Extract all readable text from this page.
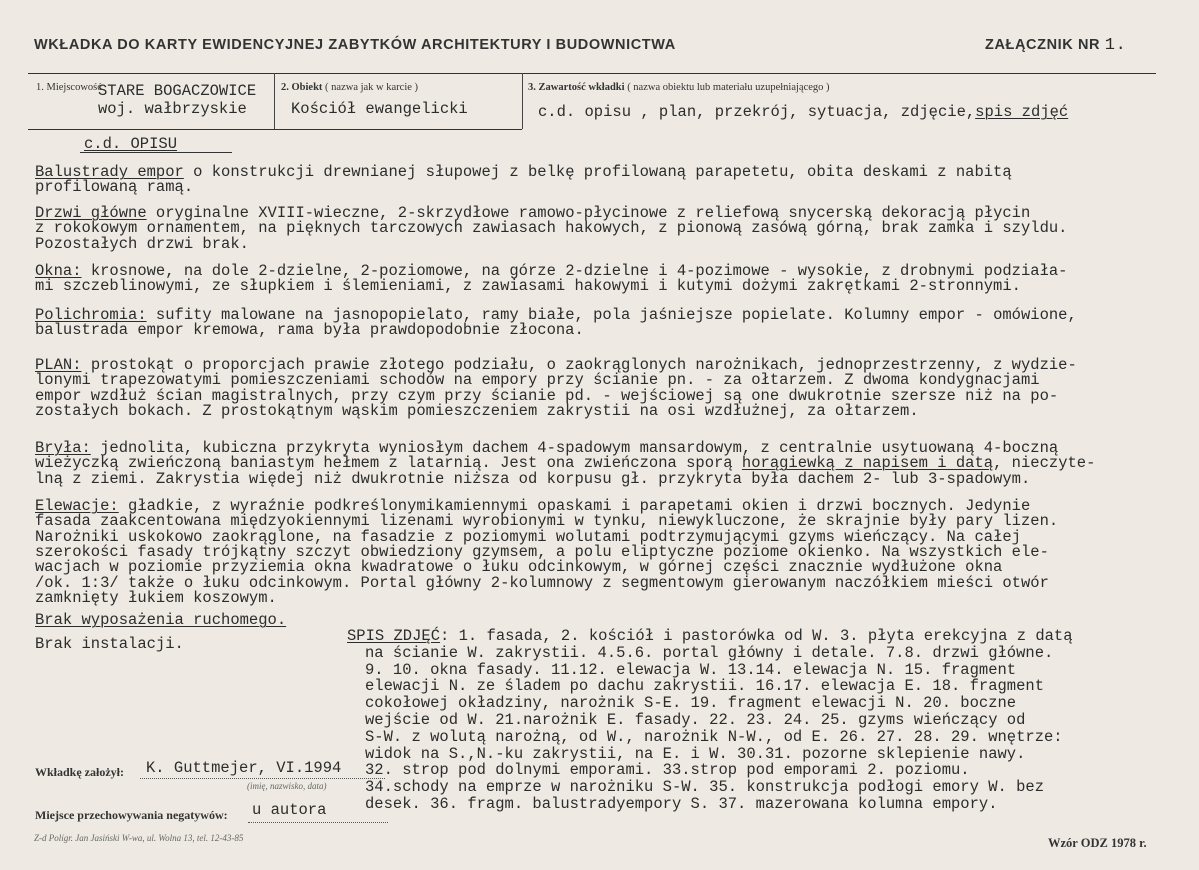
WKŁADKA DO KARTY EWIDENCYJNEJ ZABYTKÓW ARCHITEKTURY I BUDOWNICTWA	ZAŁĄCZNIK NR 1.
1. Miejscowość
STARE BOGACZOWICE
woj. wałbrzyskie
2. Obiekt ( nazwa jak w karcie )
Kościół ewangelicki
3. Zawartość wkładki ( nazwa obiektu lub materiału uzupełniającego )
c.d. opisu , plan, przekrój, sytuacja, zdjęcie,spis zdjęć
c.d. OPISU
Balustrady empor o konstrukcji drewnianej słupowej z belkę profilowaną parapetetu, obita deskami z nabitą
profilowaną ramą.
Drzwi główne oryginalne XVIII-wieczne, 2-skrzydłowe ramowo-płycinowe z reliefową snycerską dekoracją płycin
z rokokowym ornamentem, na pięknych tarczowych zawiasach hakowych, z pionową zasówą górną, brak zamka i szyldu.
Pozostałych drzwi brak.
Okna: krosnowe, na dole 2-dzielne, 2-poziomowe, na górze 2-dzielne i 4-pozimowe - wysokie, z drobnymi podziała-
mi szczeblinowymi, ze słupkiem i ślemieniami, z zawiasami hakowymi i kutymi dożymi zakrętkami 2-stronnymi.
Polichromia: sufity malowane na jasnopopielato, ramy białe, pola jaśniejsze popielate. Kolumny empor - omówione,
balustrada empor kremowa, rama była prawdopodobnie złocona.
PLAN: prostokąt o proporcjach prawie złotego podziału, o zaokrąglonych narożnikach, jednoprzestrzenny, z wydzie-
lonymi trapezowatymi pomieszczeniami schodów na empory przy ścianie pn. - za ołtarzem. Z dwoma kondygnacjami
empor wzdłuż ścian magistralnych, przy czym przy ścianie pd. - wejściowej są one dwukrotnie szersze niż na po-
zostałych bokach. Z prostokątnym wąskim pomieszczeniem zakrystii na osi wzdłużnej, za ołtarzem.
Bryła: jednolita, kubiczna przykryta wyniosłym dachem 4-spadowym mansardowym, z centralnie usytuowaną 4-boczną
wieżyczką zwieńczoną baniastym hełmem z latarnią. Jest ona zwieńczona sporą horągiewką z napisem i datą, nieczyte-
lną z ziemi. Zakrystia więdej niż dwukrotnie niższa od korpusu gł. przykryta była dachem 2- lub 3-spadowym.
Elewacje: gładkie, z wyraźnie podkreślonymikamiennymi opaskami i parapetami okien i drzwi bocznych. Jedynie
fasada zaakcentowana międzyokiennymi lizenami wyrobionymi w tynku, niewykluczone, że skrajnie były pary lizen.
Narożniki uskokowo zaokrąglone, na fasadzie z poziomymi wolutami podtrzymującymi gzyms wieńczący. Na całej
szerokości fasady trójkątny szczyt obwiedziony gzymsem, a polu eliptyczne poziome okienko. Na wszystkich ele-
wacjach w poziomie przyziemia okna kwadratowe o łuku odcinkowym, w górnej części znacznie wydłużone okna
/ok. 1:3/ także o łuku odcinkowym. Portal główny 2-kolumnowy z segmentowym gierowanym naczółkiem mieści otwór
zamknięty łukiem koszowym.
Brak wyposażenia ruchomego.
Brak instalacji.	SPIS ZDJĘĆ: 1. fasada, 2. kościół i pastorówka od W. 3. płyta erekcyjna z datą
na ścianie W. zakrystii. 4.5.6. portal główny i detale. 7.8. drzwi główne.
9. 10. okna fasady. 11.12. elewacja W. 13.14. elewacja N. 15. fragment
elewacji N. ze śladem po dachu zakrystii. 16.17. elewacja E. 18. fragment
cokołowej okładziny, narożnik S-E. 19. fragment elewacji N. 20. boczne
wejście od W. 21.narożnik E. fasady. 22. 23. 24. 25. gzyms wieńczący od
S-W. z wolutą narożną, od W., narożnik N-W., od E. 26. 27. 28. 29. wnętrze:
widok na S.,N.-ku zakrystii, na E. i W. 30.31. pozorne sklepienie nawy.
32. strop pod dolnymi emporami. 33.strop pod emporami 2. poziomu.
34.schody na emprze w narożniku S-W. 35. konstrukcja podłogi emory W. bez
desek. 36. fragm. balustradyempory S. 37. mazerowana kolumna empory.
Wkładkę założył: K. Guttmejer, VI.1994
(imię, nazwisko, data)
Miejsce przechowywania negatywów: u autora
Z-d Polígr. Jan Jasiński W-wa, ul. Wolna 13, tel. 12-43-85	Wzór ODZ 1978 r.
